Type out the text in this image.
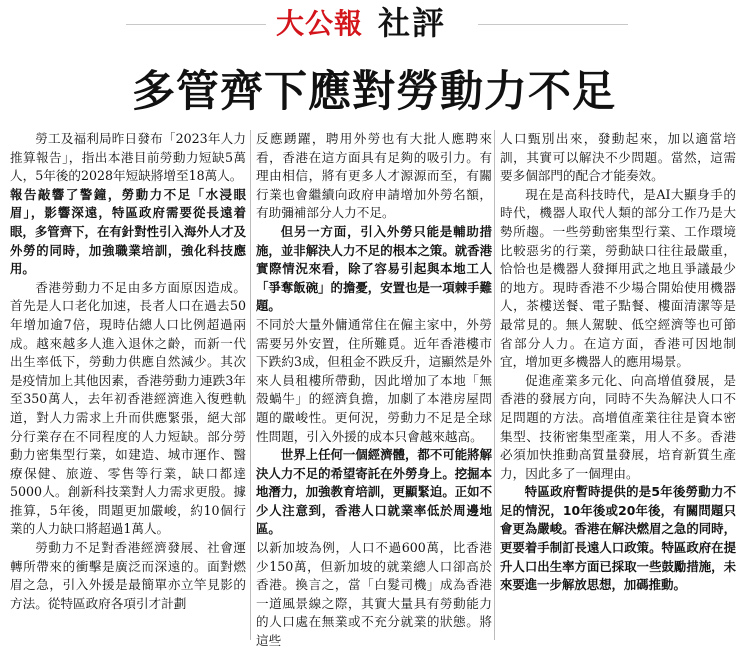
大公報 社評
多管齊下應對勞動力不足

勞工及福利局昨日發布「2023年人力推算報告」，指出本港目前勞動力短缺5萬人，5年後的2028年短缺將增至18萬人。

報告敲響了警鐘，勞動力不足「水浸眼眉」，影響深遠，特區政府需要從長遠着眼，多管齊下，在有針對性引入海外人才及外勞的同時，加強職業培訓，強化科技應用。

香港勞動力不足由多方面原因造成。首先是人口老化加速，長者人口在過去50年增加逾7倍，現時佔總人口比例超過兩成。越來越多人進入退休之齡，而新一代出生率低下，勞動力供應自然減少。其次是疫情加上其他因素，香港勞動力連跌3年至350萬人，去年初香港經濟進入復甦軌道，對人力需求上升而供應緊張，絕大部分行業存在不同程度的人力短缺。部分勞動力密集型行業，如建造、城市運作、醫療保健、旅遊、零售等行業，缺口都達5000人。創新科技業對人力需求更殷。據推算，5年後，問題更加嚴峻，約10個行業的人力缺口將超過1萬人。

勞動力不足對香港經濟發展、社會運轉所帶來的衝擊是廣泛而深遠的。面對燃眉之急，引入外援是最簡單亦立竿見影的方法。從特區政府各項引才計劃

反應踴躍，聘用外勞也有大批人應聘來看，香港在這方面具有足夠的吸引力。有理由相信，將有更多人才源源而至，有關行業也會繼續向政府申請增加外勞名額，有助彌補部分人力不足。

但另一方面，引入外勞只能是輔助措施，並非解決人力不足的根本之策。就香港實際情況來看，除了容易引起與本地工人「爭奪飯碗」的擔憂，安置也是一項棘手難題。

不同於大量外傭通常住在僱主家中，外勞需要另外安置，住所難覓。近年香港樓市下跌約3成，但租金不跌反升，這顯然是外來人員租樓所帶動，因此增加了本地「無殼蝸牛」的經濟負擔，加劇了本港房屋問題的嚴峻性。更何況，勞動力不足是全球性問題，引入外援的成本只會越來越高。

世界上任何一個經濟體，都不可能將解決人力不足的希望寄託在外勞身上。挖掘本地潛力，加強教育培訓，更顯緊迫。正如不少人注意到，香港人口就業率低於周邊地區。

以新加坡為例，人口不過600萬，比香港少150萬，但新加坡的就業總人口卻高於香港。換言之，當「白髮司機」成為香港一道風景線之際，其實大量具有勞動能力的人口處在無業或不充分就業的狀態。將這些

人口甄別出來，發動起來，加以適當培訓，其實可以解決不少問題。當然，這需要多個部門的配合才能奏效。

現在是高科技時代，是AI大顯身手的時代，機器人取代人類的部分工作乃是大勢所趨。一些勞動密集型行業、工作環境比較惡劣的行業，勞動缺口往往最嚴重，恰恰也是機器人發揮用武之地且爭議最少的地方。現時香港不少場合開始使用機器人，茶樓送餐、電子點餐、樓面清潔等是最常見的。無人駕駛、低空經濟等也可節省部分人力。在這方面，香港可因地制宜，增加更多機器人的應用場景。

促進產業多元化、向高增值發展，是香港的發展方向，同時不失為解決人口不足問題的方法。高增值產業往往是資本密集型、技術密集型產業，用人不多。香港必須加快推動高質量發展，培育新質生產力，因此多了一個理由。

特區政府暫時提供的是5年後勞動力不足的情況，10年後或20年後，有關問題只會更為嚴峻。香港在解決燃眉之急的同時，更要着手制訂長遠人口政策。特區政府在提升人口出生率方面已採取一些鼓勵措施，未來要進一步解放思想，加碼推動。
